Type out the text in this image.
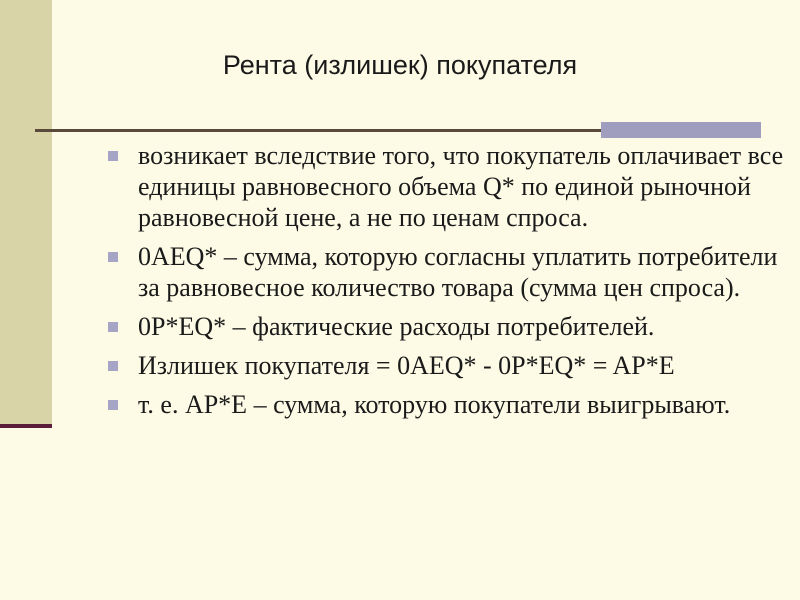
Рента (излишек) покупателя
возникает вследствие того, что покупатель оплачивает все единицы равновесного объема Q* по единой рыночной равновесной цене, а не по ценам спроса.
0AEQ* – сумма, которую согласны уплатить потребители за равновесное количество товара (сумма цен спроса).
0P*EQ* – фактические расходы потребителей.
Излишек покупателя = 0AEQ* - 0P*EQ* = AP*E
т. е. AP*E – сумма, которую покупатели выигрывают.
